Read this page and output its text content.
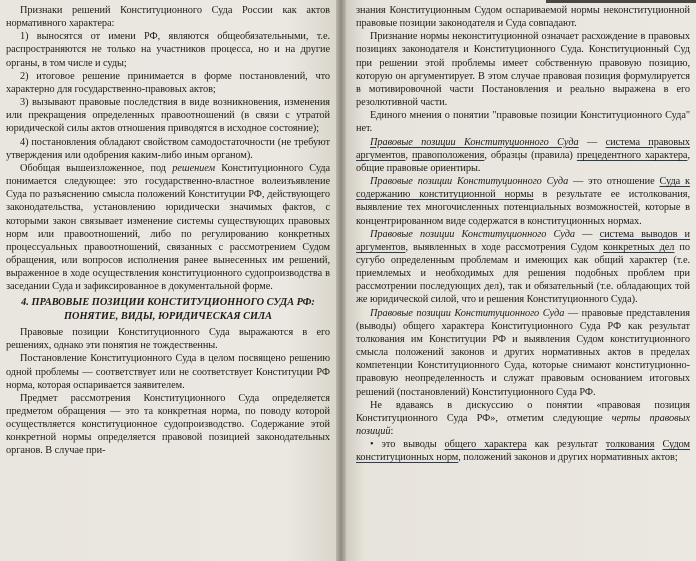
Признаки решений Конституционного Суда России как актов нормативного характера:

1) выносятся от имени РФ, являются общеобязательными, т.е. распространяются не только на участников процесса, но и на другие органы, в том числе и суды;

2) итоговое решение принимается в форме постановлений, что характерно для государственно-правовых актов;

3) вызывают правовые последствия в виде возникновения, изменения или прекращения определенных правоотношений (в связи с утратой юридической силы актов отношения приводятся в исходное состояние);

4) постановления обладают свойством самодостаточности (не требуют утверждения или одобрения каким-либо иным органом).

Обобщая вышеизложенное, под решением Конституционного Суда понимается следующее: это государственно-властное волеизъявление Суда по разъяснению смысла положений Конституции РФ, действующего законодательства, установлению юридически значимых фактов, с которыми закон связывает изменение системы существующих правовых норм или правоотношений, либо по регулированию конкретных процессуальных правоотношений, связанных с рассмотрением Судом обращения, или вопросов исполнения ранее вынесенных им решений, выраженное в ходе осуществления конституционного судопроизводства в заседании Суда и зафиксированное в документальной форме.

4. ПРАВОВЫЕ ПОЗИЦИИ КОНСТИТУЦИОННОГО СУДА РФ:
ПОНЯТИЕ, ВИДЫ, ЮРИДИЧЕСКАЯ СИЛА

Правовые позиции Конституционного Суда выражаются в его решениях, однако эти понятия не тождественны.

Постановление Конституционного Суда в целом посвящено решению одной проблемы — соответствует или не соответствует Конституции РФ норма, которая оспаривается заявителем.

Предмет рассмотрения Конституционного Суда определяется предметом обращения — это та конкретная норма, по поводу которой осуществляется конституционное судопроизводство. Содержание этой конкретной нормы определяется правовой позицией законодательных органов. В случае при-

знания Конституционным Судом оспариваемой нормы неконституционной правовые позиции законодателя и Суда совпадают.

Признание нормы неконституционной означает расхождение в правовых позициях законодателя и Конституционного Суда. Конституционный Суд при решении этой проблемы имеет собственную правовую позицию, которую он аргументирует. В этом случае правовая позиция формулируется в мотивировочной части Постановления и реально выражена в его резолютивной части.

Единого мнения о понятии "правовые позиции Конституционного Суда" нет.

Правовые позиции Конституционного Суда — система правовых аргументов, правоположения, образцы (правила) прецедентного характера, общие правовые ориентиры.

Правовые позиции Конституционного Суда — это отношение Суда к содержанию конституционной нормы в результате ее истолкования, выявление тех многочисленных потенциальных возможностей, которые в концентрированном виде содержатся в конституционных нормах.

Правовые позиции Конституционного Суда — система выводов и аргументов, выявленных в ходе рассмотрения Судом конкретных дел по сугубо определенным проблемам и имеющих как общий характер (т.е. приемлемых и необходимых для решения подобных проблем при рассмотрении последующих дел), так и обязательный (т.е. обладающих той же юридической силой, что и решения Конституционного Суда).

Правовые позиции Конституционного Суда — правовые представления (выводы) общего характера Конституционного Суда РФ как результат толкования им Конституции РФ и выявления Судом конституционного смысла положений законов и других нормативных актов в пределах компетенции Конституционного Суда, которые снимают конституционно-правовую неопределенность и служат правовым основанием итоговых решений (постановлений) Конституционного Суда РФ.

Не вдаваясь в дискуссию о понятии «правовая позиция Конституционного Суда РФ», отметим следующие черты правовых позиций:

• это выводы общего характера как результат толкования Судом конституционных норм, положений законов и других нормативных актов;
